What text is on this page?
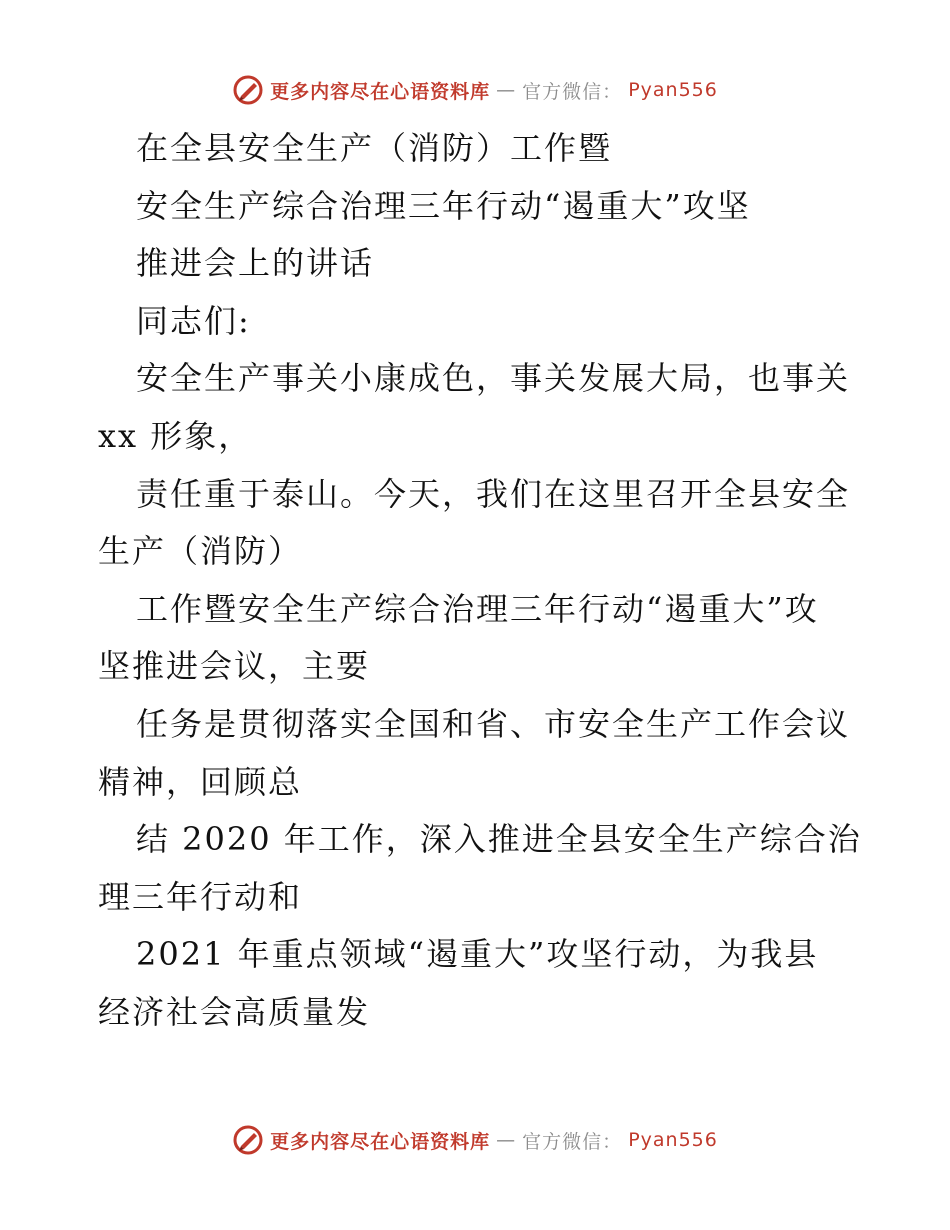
更多内容尽在心语资料库 — 官方微信： Pyan556
在全县安全生产（消防）工作暨
安全生产综合治理三年行动“遏重大”攻坚
推进会上的讲话
同志们:
安全生产事关小康成色，事关发展大局，也事关
xx 形象，
责任重于泰山。今天，我们在这里召开全县安全
生产（消防）
工作暨安全生产综合治理三年行动“遏重大”攻
坚推进会议，主要
任务是贯彻落实全国和省、市安全生产工作会议
精神，回顾总
结 2020 年工作，深入推进全县安全生产综合治
理三年行动和
2021 年重点领域“遏重大”攻坚行动，为我县
经济社会高质量发
更多内容尽在心语资料库 — 官方微信： Pyan556
